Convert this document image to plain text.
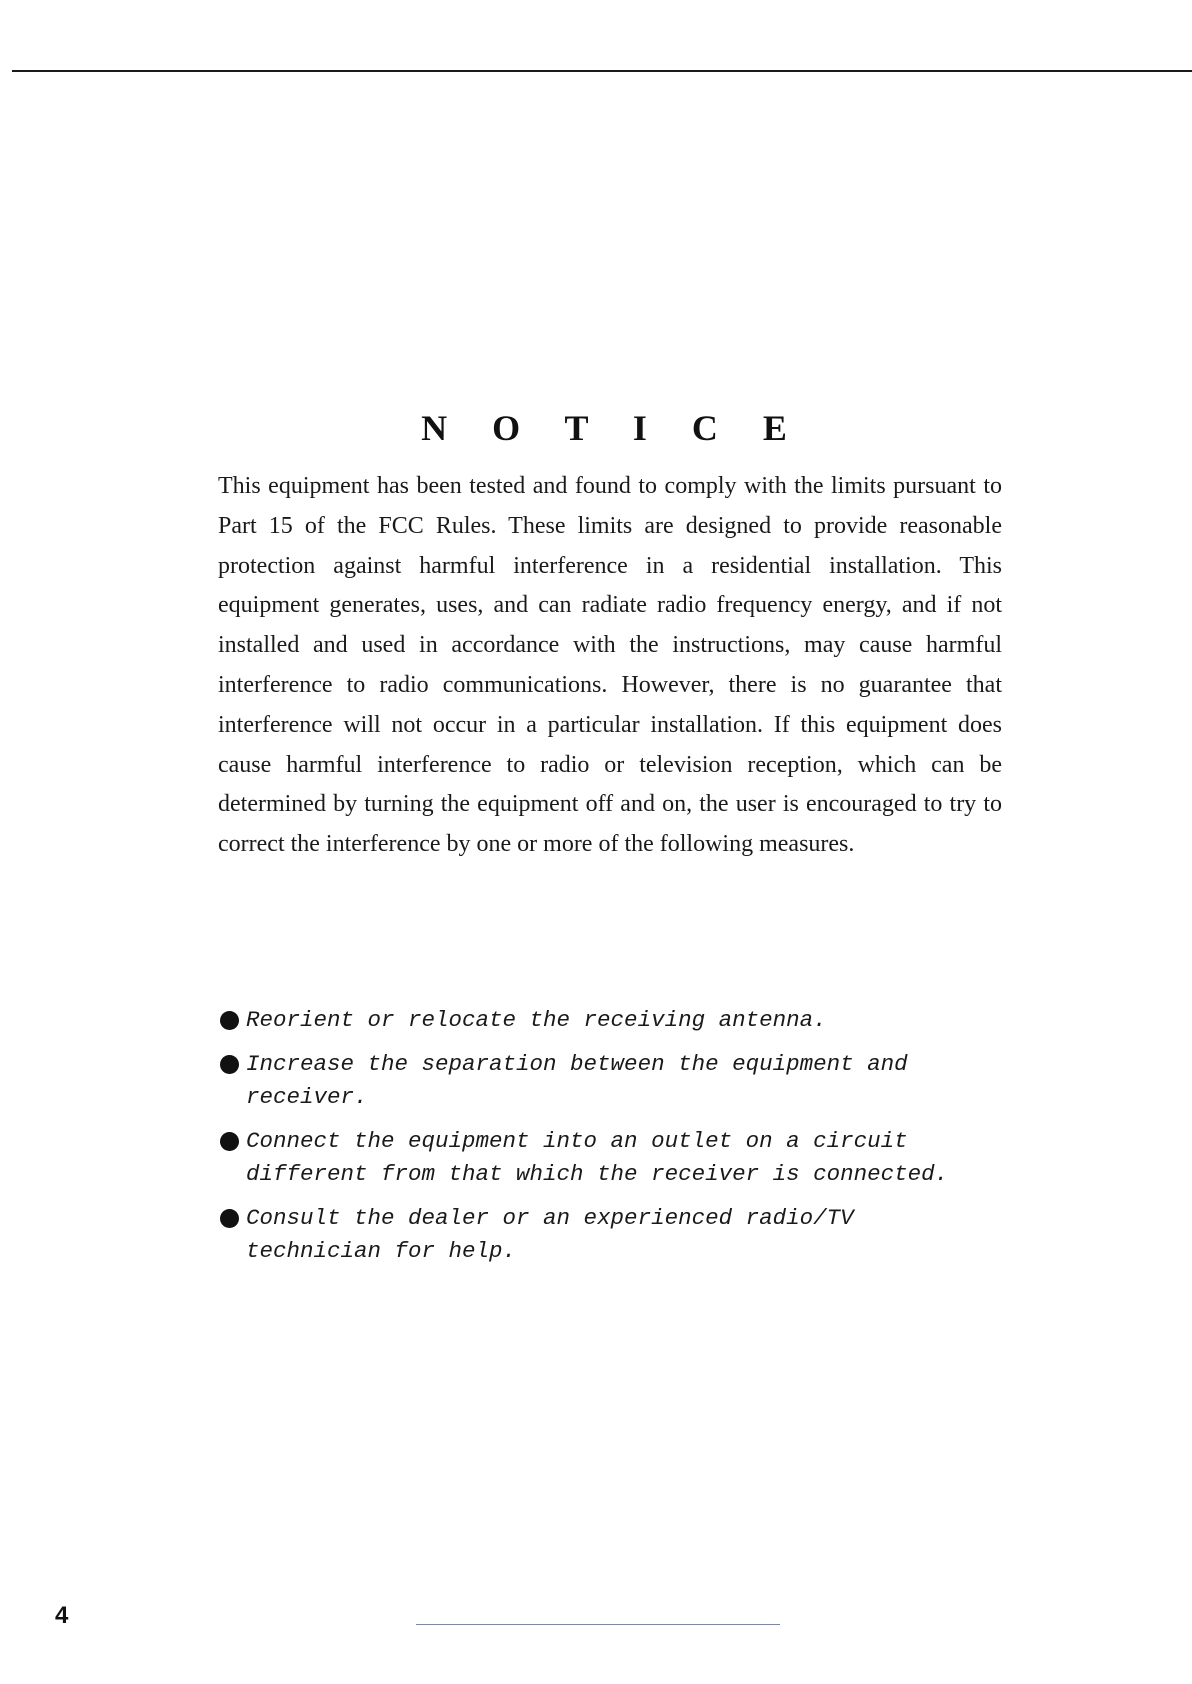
N O T I C E

This equipment has been tested and found to comply with the limits pursuant to Part 15 of the FCC Rules. These limits are designed to provide reasonable protection against harmful interference in a residential installation. This equipment generates, uses, and can radiate radio frequency energy, and if not installed and used in accordance with the instructions, may cause harmful interference to radio communications. However, there is no guarantee that interference will not occur in a particular installation. If this equipment does cause harmful interference to radio or television reception, which can be determined by turning the equipment off and on, the user is encouraged to try to correct the interference by one or more of the following measures.

Reorient or relocate the receiving antenna.
Increase the separation between the equipment and receiver.
Connect the equipment into an outlet on a circuit different from that which the receiver is connected.
Consult the dealer or an experienced radio/TV technician for help.
4
